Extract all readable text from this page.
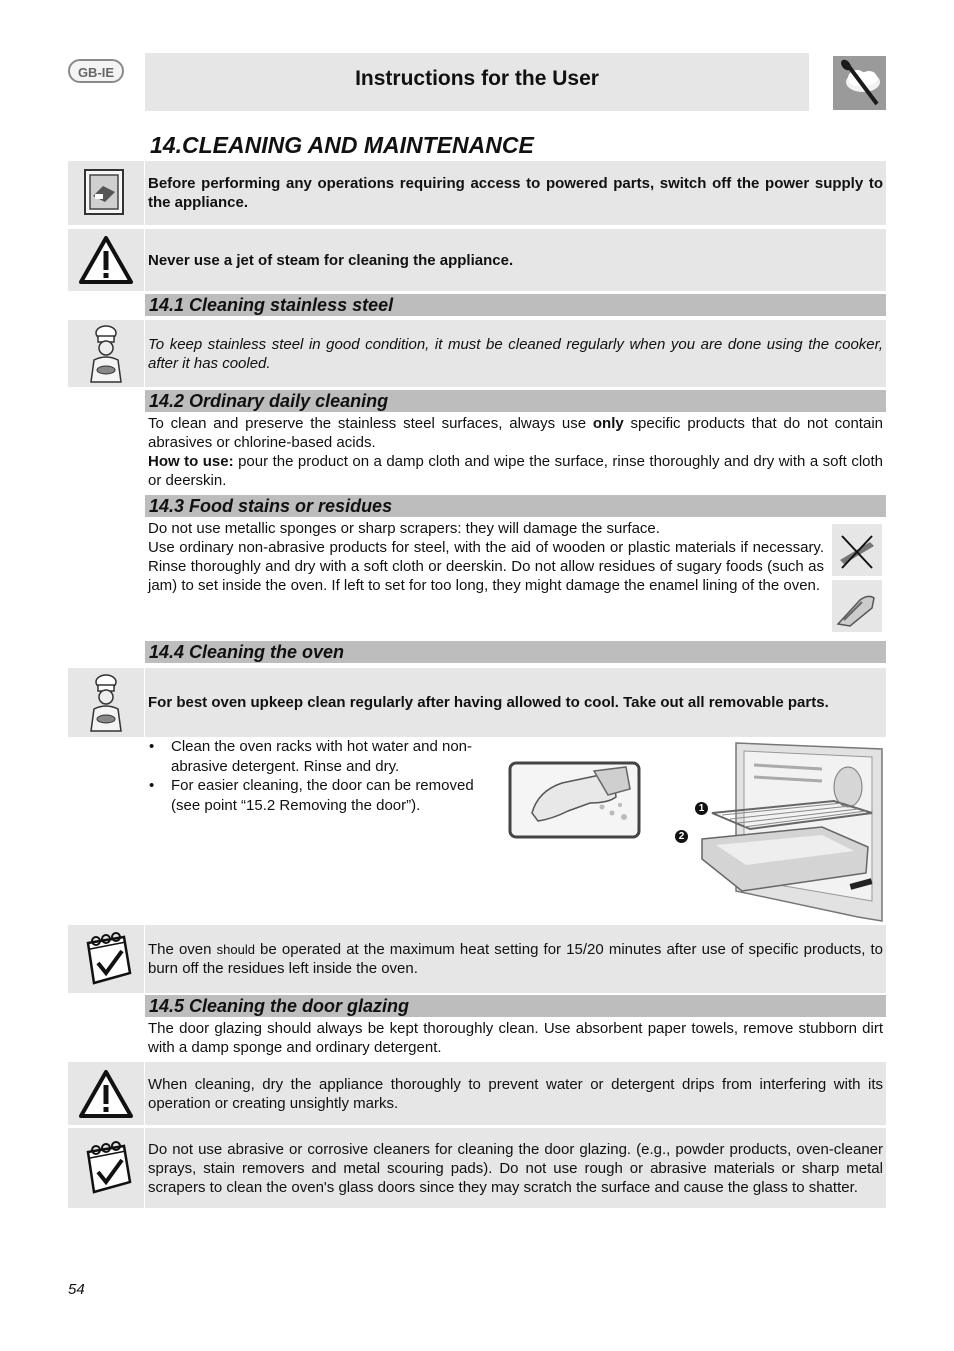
GB-IE	Instructions for the User
14.CLEANING AND MAINTENANCE

Before performing any operations requiring access to powered parts, switch off the power supply to the appliance.

Never use a jet of steam for cleaning the appliance.

14.1 Cleaning stainless steel

To keep stainless steel in good condition, it must be cleaned regularly when you are done using the cooker, after it has cooled.

14.2 Ordinary daily cleaning

To clean and preserve the stainless steel surfaces, always use only specific products that do not contain abrasives or chlorine-based acids.

How to use: pour the product on a damp cloth and wipe the surface, rinse thoroughly and dry with a soft cloth or deerskin.

14.3 Food stains or residues

Do not use metallic sponges or sharp scrapers: they will damage the surface.

Use ordinary non-abrasive products for steel, with the aid of wooden or plastic materials if necessary. Rinse thoroughly and dry with a soft cloth or deerskin. Do not allow residues of sugary foods (such as jam) to set inside the oven. If left to set for too long, they might damage the enamel lining of the oven.

14.4 Cleaning the oven

For best oven upkeep clean regularly after having allowed to cool. Take out all removable parts.

• Clean the oven racks with hot water and non-abrasive detergent. Rinse and dry.
• For easier cleaning, the door can be removed (see point “15.2 Removing the door”).	1
2

The oven should be operated at the maximum heat setting for 15/20 minutes after use of specific products, to burn off the residues left inside the oven.

14.5 Cleaning the door glazing

The door glazing should always be kept thoroughly clean. Use absorbent paper towels, remove stubborn dirt with a damp sponge and ordinary detergent.

When cleaning, dry the appliance thoroughly to prevent water or detergent drips from interfering with its operation or creating unsightly marks.

Do not use abrasive or corrosive cleaners for cleaning the door glazing. (e.g., powder products, oven-cleaner sprays, stain removers and metal scouring pads). Do not use rough or abrasive materials or sharp metal scrapers to clean the oven's glass doors since they may scratch the surface and cause the glass to shatter.

54
